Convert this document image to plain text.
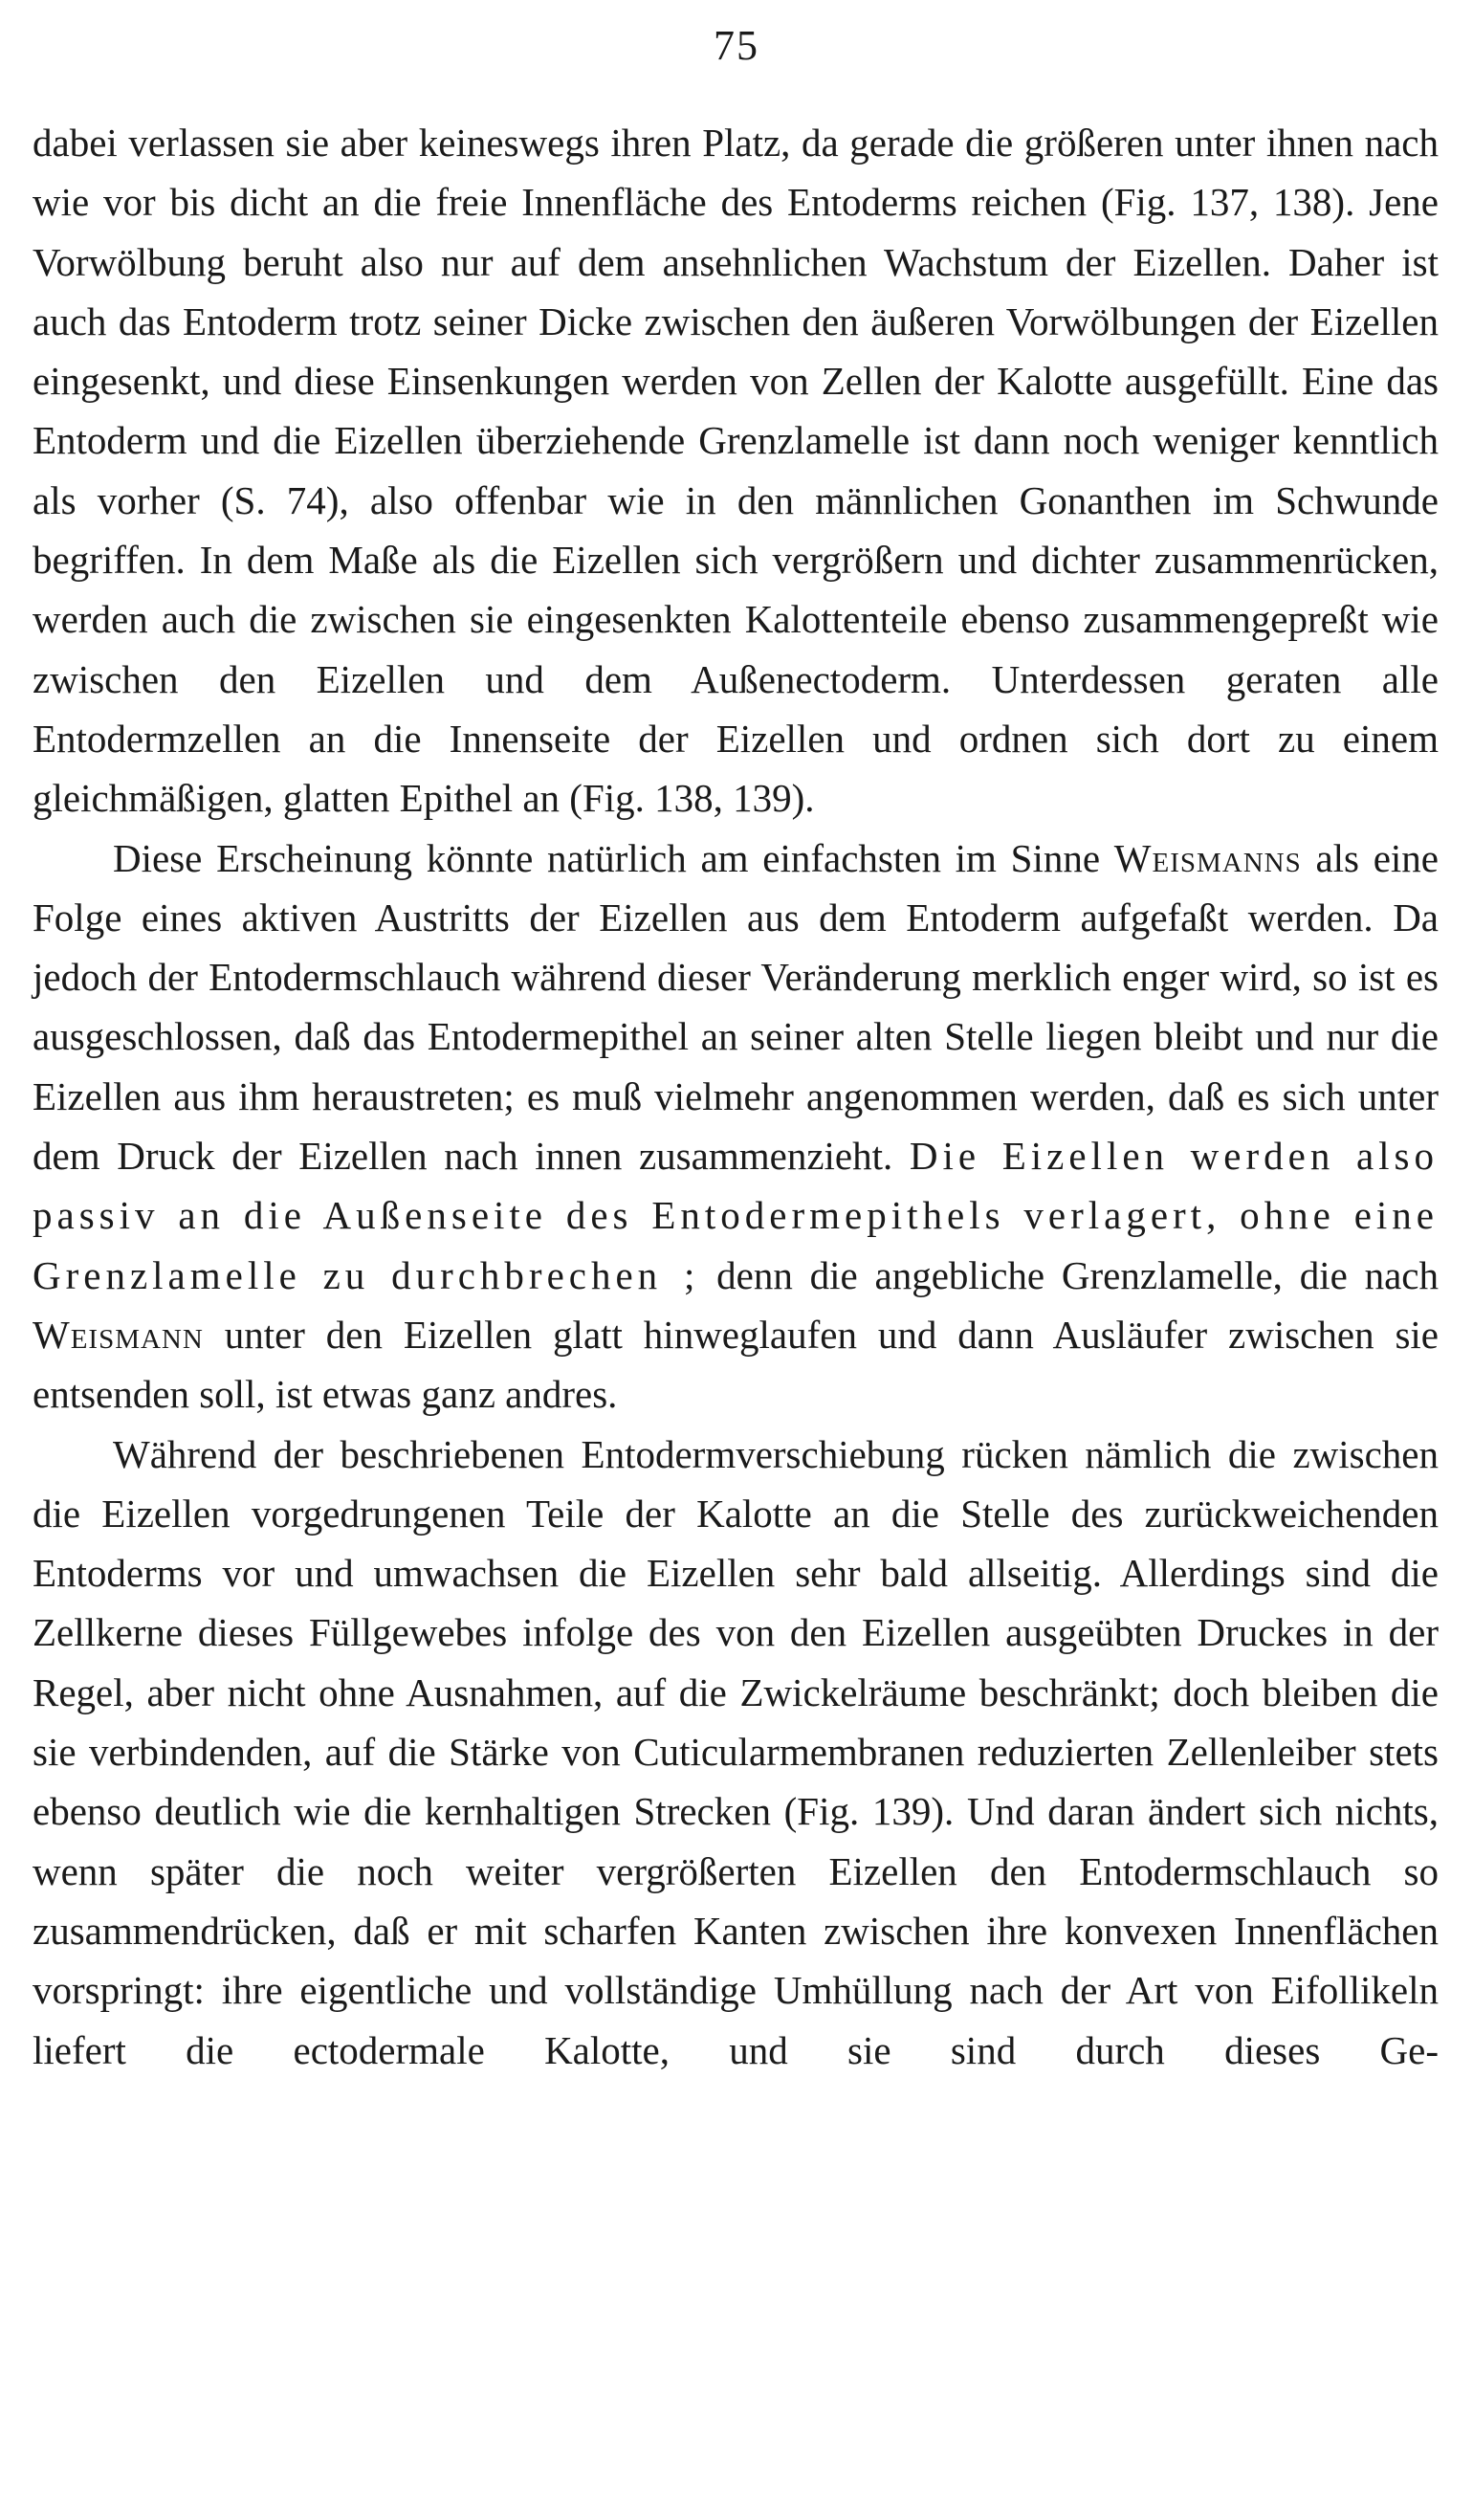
75

dabei verlassen sie aber keineswegs ihren Platz, da gerade die größeren unter ihnen nach wie vor bis dicht an die freie Innenfläche des Entoderms reichen (Fig. 137, 138). Jene Vorwölbung beruht also nur auf dem ansehnlichen Wachstum der Eizellen. Daher ist auch das Entoderm trotz seiner Dicke zwischen den äußeren Vorwölbungen der Eizellen eingesenkt, und diese Einsenkungen werden von Zellen der Kalotte ausgefüllt. Eine das Entoderm und die Eizellen überziehende Grenzlamelle ist dann noch weniger kenntlich als vorher (S. 74), also offenbar wie in den männlichen Gonanthen im Schwunde begriffen. In dem Maße als die Eizellen sich vergrößern und dichter zusammenrücken, werden auch die zwischen sie eingesenkten Kalottenteile ebenso zusammengepreßt wie zwischen den Eizellen und dem Außenectoderm. Unterdessen geraten alle Entodermzellen an die Innenseite der Eizellen und ordnen sich dort zu einem gleichmäßigen, glatten Epithel an (Fig. 138, 139).

Diese Erscheinung könnte natürlich am einfachsten im Sinne Weismanns als eine Folge eines aktiven Austritts der Eizellen aus dem Entoderm aufgefaßt werden. Da jedoch der Entodermschlauch während dieser Veränderung merklich enger wird, so ist es ausgeschlossen, daß das Entodermepithel an seiner alten Stelle liegen bleibt und nur die Eizellen aus ihm heraustreten; es muß vielmehr angenommen werden, daß es sich unter dem Druck der Eizellen nach innen zusammenzieht. Die Eizellen werden also passiv an die Außenseite des Entodermepithels verlagert, ohne eine Grenzlamelle zu durchbrechen ; denn die angebliche Grenzlamelle, die nach Weismann unter den Eizellen glatt hinweglaufen und dann Ausläufer zwischen sie entsenden soll, ist etwas ganz andres.

Während der beschriebenen Entodermverschiebung rücken nämlich die zwischen die Eizellen vorgedrungenen Teile der Kalotte an die Stelle des zurückweichenden Entoderms vor und umwachsen die Eizellen sehr bald allseitig. Allerdings sind die Zellkerne dieses Füllgewebes infolge des von den Eizellen ausgeübten Druckes in der Regel, aber nicht ohne Ausnahmen, auf die Zwickelräume beschränkt; doch bleiben die sie verbindenden, auf die Stärke von Cuticularmembranen reduzierten Zellenleiber stets ebenso deutlich wie die kernhaltigen Strecken (Fig. 139). Und daran ändert sich nichts, wenn später die noch weiter vergrößerten Eizellen den Entodermschlauch so zusammendrücken, daß er mit scharfen Kanten zwischen ihre konvexen Innenflächen vorspringt: ihre eigentliche und vollständige Umhüllung nach der Art von Eifollikeln liefert die ectodermale Kalotte, und sie sind durch dieses Ge-
